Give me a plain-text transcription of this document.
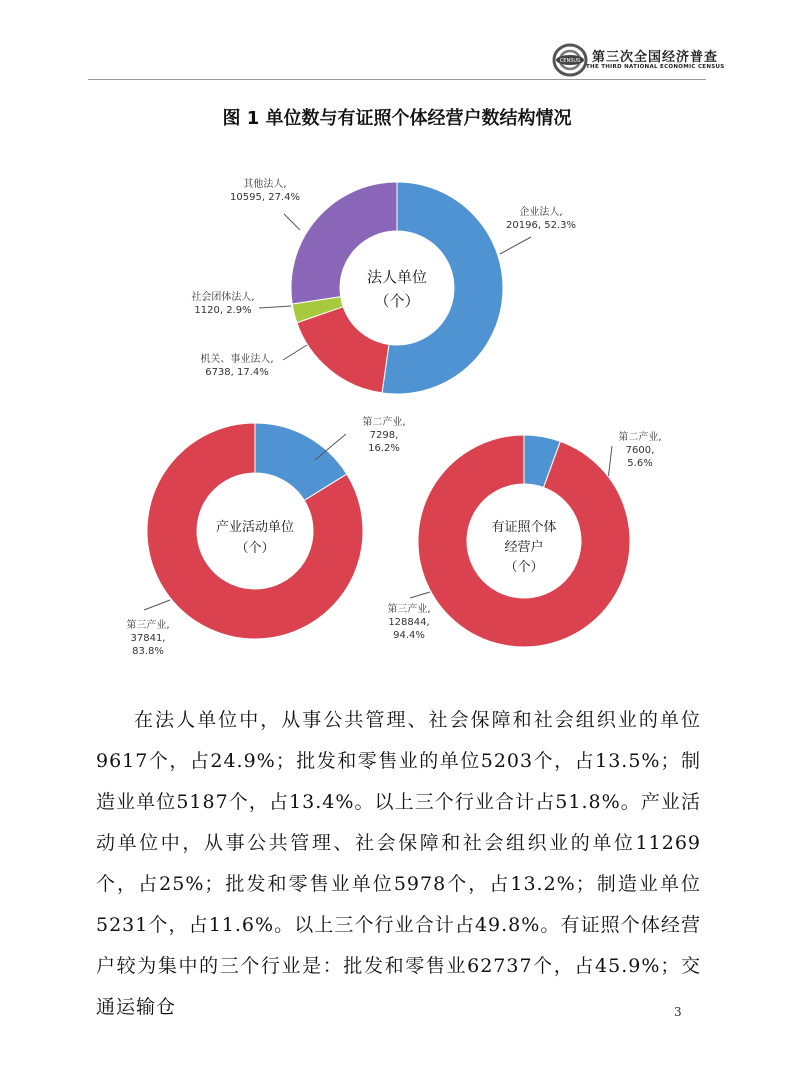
CENSUS 第三次全国经济普查
THE THIRD NATIONAL ECONOMIC CENSUS
图 1 单位数与有证照个体经营户数结构情况
企业法人,
20196, 52.3%
机关、事业法人,
6738, 17.4%
社会团体法人,
1120, 2.9%
其他法人,
10595, 27.4%
法人单位
（个）
第二产业,
7298,
16.2%
第三产业,
37841,
83.8%
产业活动单位
（个）
第二产业,
7600,
5.6%
第三产业,
128844,
94.4%
有证照个体
经营户
（个）

在法人单位中，从事公共管理、社会保障和社会组织业的单位9617个，占24.9%；批发和零售业的单位5203个，占13.5%；制造业单位5187个，占13.4%。以上三个行业合计占51.8%。产业活动单位中，从事公共管理、社会保障和社会组织业的单位11269个，占25%；批发和零售业单位5978个，占13.2%；制造业单位5231个，占11.6%。以上三个行业合计占49.8%。有证照个体经营户较为集中的三个行业是：批发和零售业62737个，占45.9%；交通运输仓	3
